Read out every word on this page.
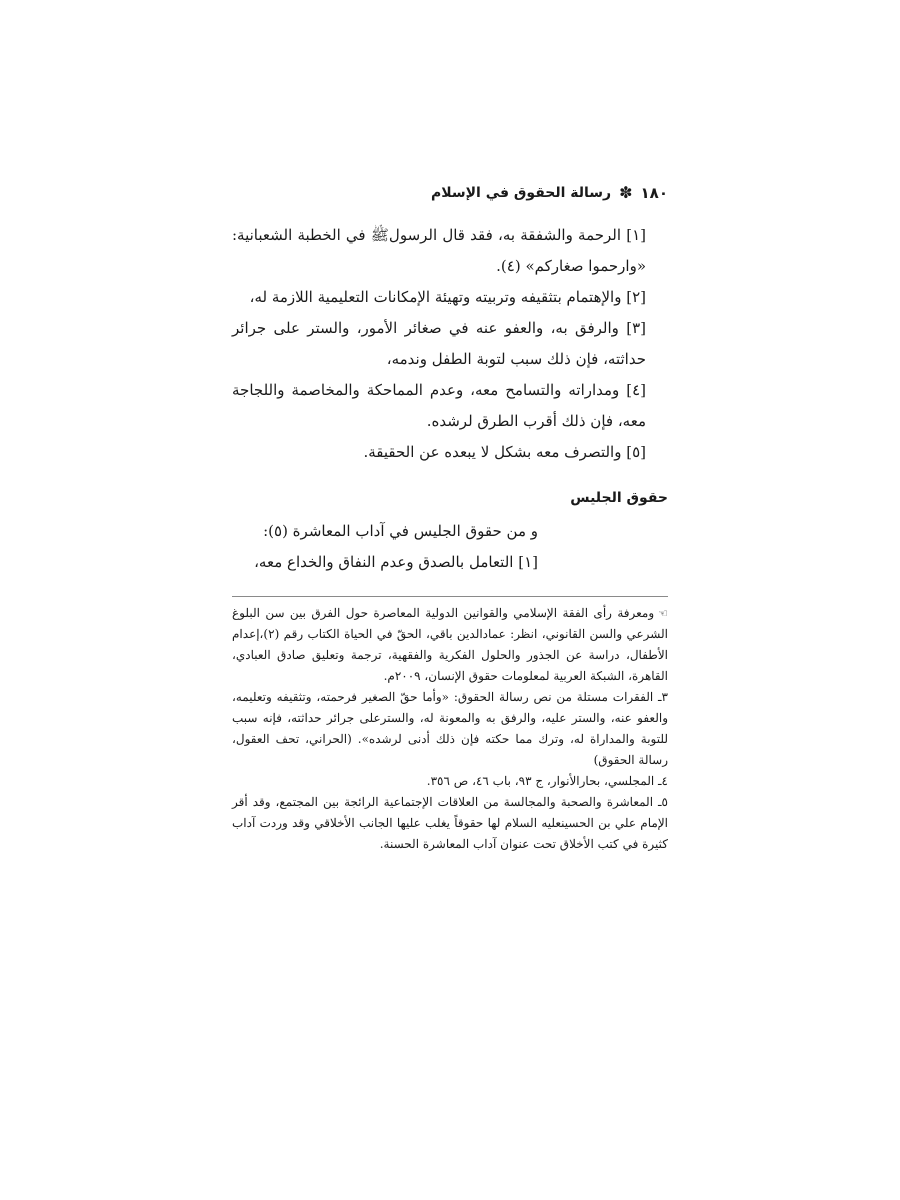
١٨٠
✽
رسالة الحقوق في الإسلام

[١] الرحمة والشفقة به، فقد قال الرسولﷺ في الخطبة الشعبانية: «وارحموا صغاركم» (٤).

[٢] والإهتمام بتثقيفه وتربيته وتهيئة الإمكانات التعليمية اللازمة له،

[٣] والرفق به، والعفو عنه في صغائر الأمور، والستر على جرائر حداثته، فإن ذلك سبب لتوبة الطفل وندمه،

[٤] ومداراته والتسامح معه، وعدم المماحكة والمخاصمة واللجاجة معه، فإن ذلك أقرب الطرق لرشده.

[٥] والتصرف معه بشكل لا يبعده عن الحقيقة.

حقوق الجليس

و من حقوق الجليس في آداب المعاشرة (٥):

[١] التعامل بالصدق وعدم النفاق والخداع معه،

☜ومعرفة رأى الفقة الإسلامي والقوانين الدولية المعاصرة حول الفرق بين سن البلوغ الشرعي والسن القانوني، انظر: عمادالدين باقي، الحقّ في الحياة الكتاب رقم (٢)،إعدام الأطفال، دراسة عن الجذور والحلول الفكرية والفقهية، ترجمة وتعليق صادق العبادي، القاهرة، الشبكة العربية لمعلومات حقوق الإنسان، ٢٠٠٩م.

٣ـ الفقرات مستلة من نص رسالة الحقوق: «وأما حقّ الصغير فرحمته، وتثقيفه وتعليمه، والعفو عنه، والستر عليه، والرفق به والمعونة له، والسترعلى جرائر حداثته، فإنه سبب للتوبة والمداراة له، وترك مما حكته فإن ذلك أدنى لرشده». (الحراني، تحف العقول، رسالة الحقوق)

٤ـ المجلسي، بحارالأنوار، ج ٩٣، باب ٤٦، ص ٣٥٦.

٥ـ المعاشرة والصحبة والمجالسة من العلاقات الإجتماعية الرائجة بين المجتمع، وقد أقر الإمام علي بن الحسينعليه السلام لها حقوقاً يغلب عليها الجانب الأخلاقي وقد وردت آداب كثيرة في كتب الأخلاق تحت عنوان آداب المعاشرة الحسنة.
